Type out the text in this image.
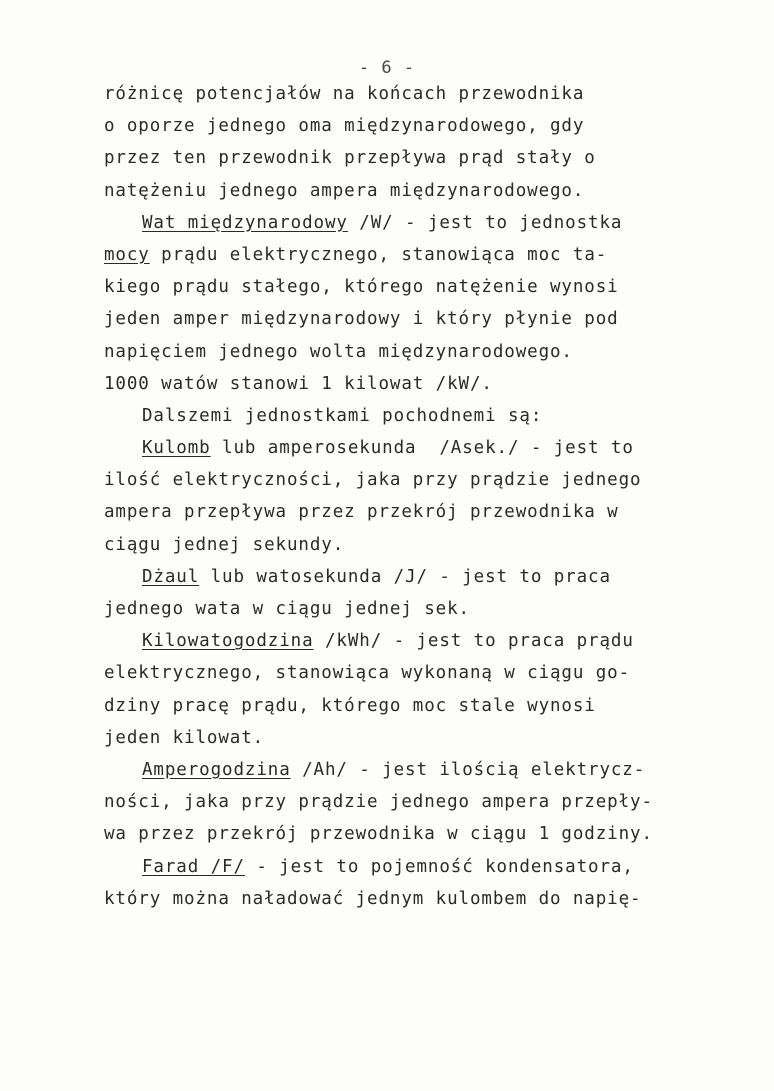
- 6 -
różnicę potencjałów na końcach przewodnika
o oporze jednego oma międzynarodowego, gdy
przez ten przewodnik przepływa prąd stały o
natężeniu jednego ampera międzynarodowego.
Wat międzynarodowy /W/ - jest to jednostka
mocy prądu elektrycznego, stanowiąca moc ta-
kiego prądu stałego, którego natężenie wynosi
jeden amper międzynarodowy i który płynie pod
napięciem jednego wolta międzynarodowego.
1000 watów stanowi 1 kilowat /kW/.
Dalszemi jednostkami pochodnemi są:
Kulomb lub amperosekunda  /Asek./ - jest to
ilość elektryczności, jaka przy prądzie jednego
ampera przepływa przez przekrój przewodnika w
ciągu jednej sekundy.
Dżaul lub watosekunda /J/ - jest to praca
jednego wata w ciągu jednej sek.
Kilowatogodzina /kWh/ - jest to praca prądu
elektrycznego, stanowiąca wykonaną w ciągu go-
dziny pracę prądu, którego moc stale wynosi
jeden kilowat.
Amperogodzina /Ah/ - jest ilością elektrycz-
ności, jaka przy prądzie jednego ampera przepły-
wa przez przekrój przewodnika w ciągu 1 godziny.
Farad /F/ - jest to pojemność kondensatora,
który można naładować jednym kulombem do napię-
